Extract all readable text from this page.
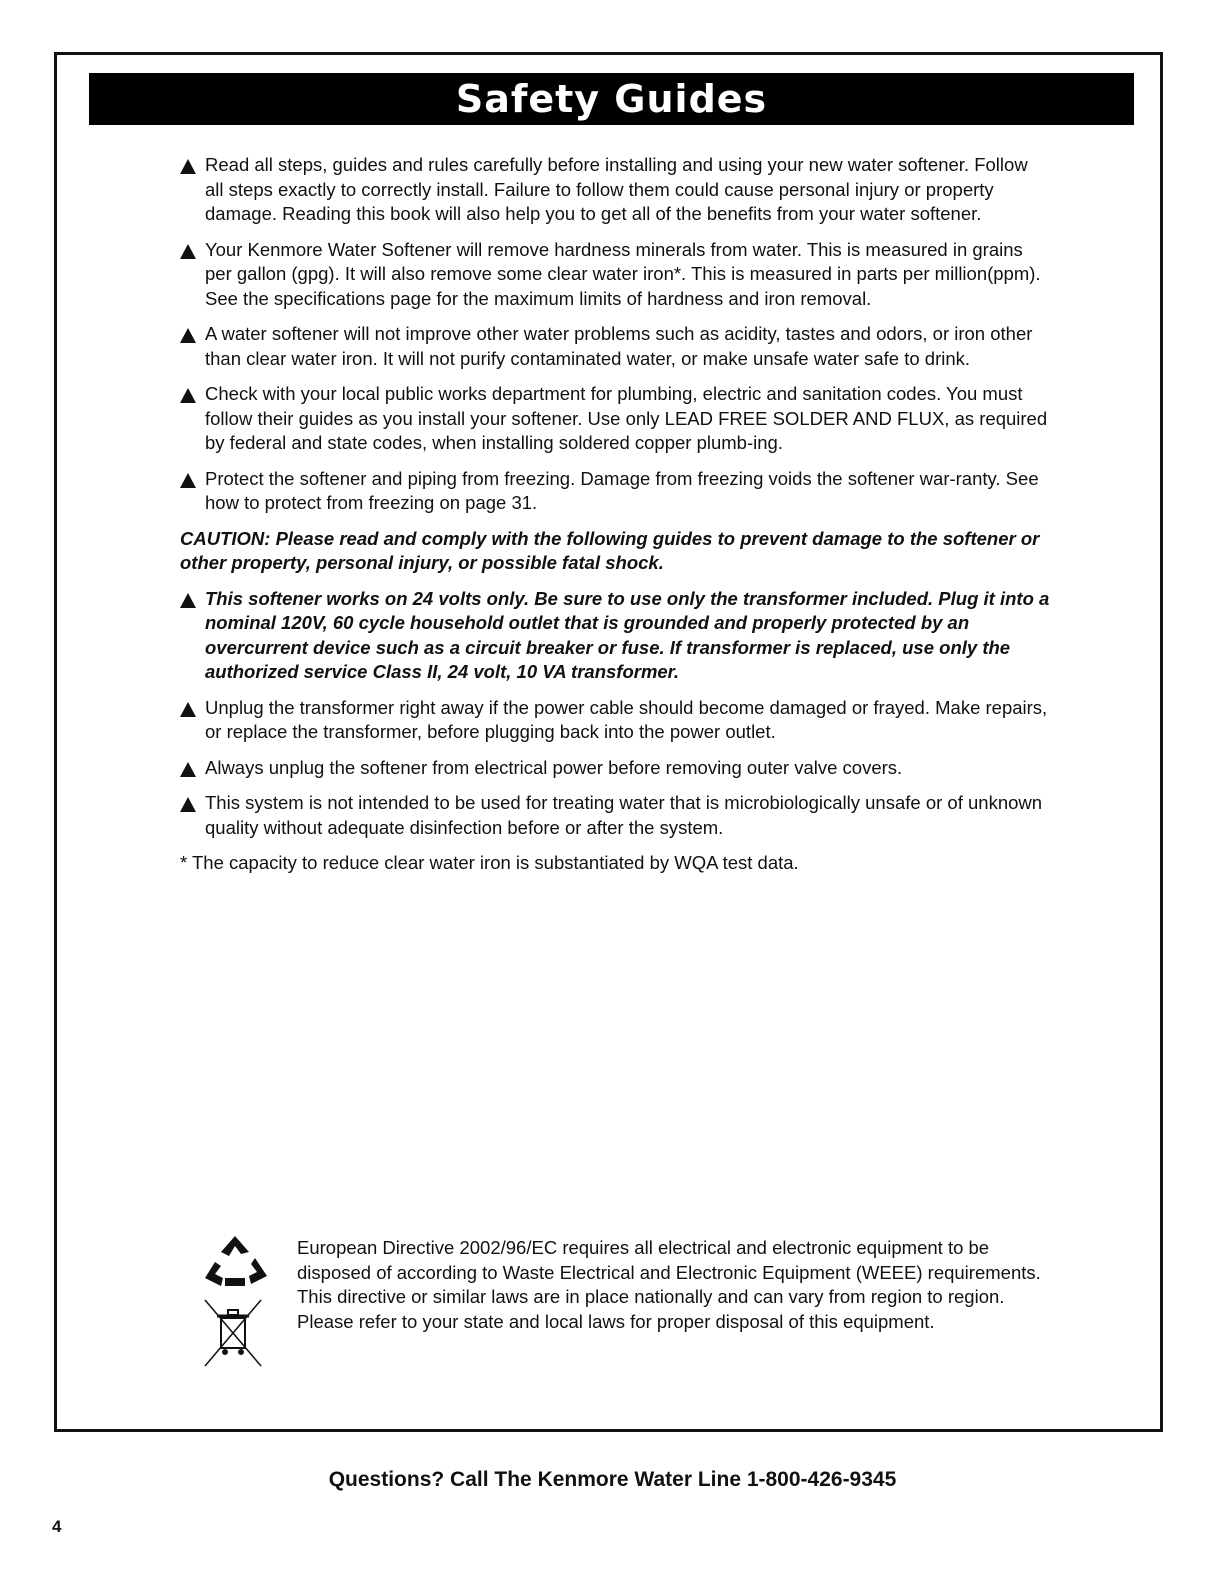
Safety Guides
Read all steps, guides and rules carefully before installing and using your new water softener. Follow all steps exactly to correctly install. Failure to follow them could cause personal injury or property damage. Reading this book will also help you to get all of the benefits from your water softener.
Your Kenmore Water Softener will remove hardness minerals from water. This is measured in grains per gallon (gpg). It will also remove some clear water iron*. This is measured in parts per million(ppm). See the specifications page for the maximum limits of hardness and iron removal.
A water softener will not improve other water problems such as acidity, tastes and odors, or iron other than clear water iron. It will not purify contaminated water, or make unsafe water safe to drink.
Check with your local public works department for plumbing, electric and sanitation codes. You must follow their guides as you install your softener. Use only LEAD FREE SOLDER AND FLUX, as required by federal and state codes, when installing soldered copper plumb-ing.
Protect the softener and piping from freezing. Damage from freezing voids the softener war-ranty. See how to protect from freezing on page 31.
CAUTION: Please read and comply with the following guides to prevent damage to the softener or other property, personal injury, or possible fatal shock.
This softener works on 24 volts only. Be sure to use only the transformer included. Plug it into a nominal 120V, 60 cycle household outlet that is grounded and properly protected by an overcurrent device such as a circuit breaker or fuse. If transformer is replaced, use only the authorized service Class II, 24 volt, 10 VA transformer.
Unplug the transformer right away if the power cable should become damaged or frayed. Make repairs, or replace the transformer, before plugging back into the power outlet.
Always unplug the softener from electrical power before removing outer valve covers.
This system is not intended to be used for treating water that is microbiologically unsafe or of unknown quality without adequate disinfection before or after the system.
* The capacity to reduce clear water iron is substantiated by WQA test data.
European Directive 2002/96/EC requires all electrical and electronic equipment to be disposed of according to Waste Electrical and Electronic Equipment (WEEE) requirements. This directive or similar laws are in place nationally and can vary from region to region. Please refer to your state and local laws for proper disposal of this equipment.
Questions? Call The Kenmore Water Line 1-800-426-9345
4
